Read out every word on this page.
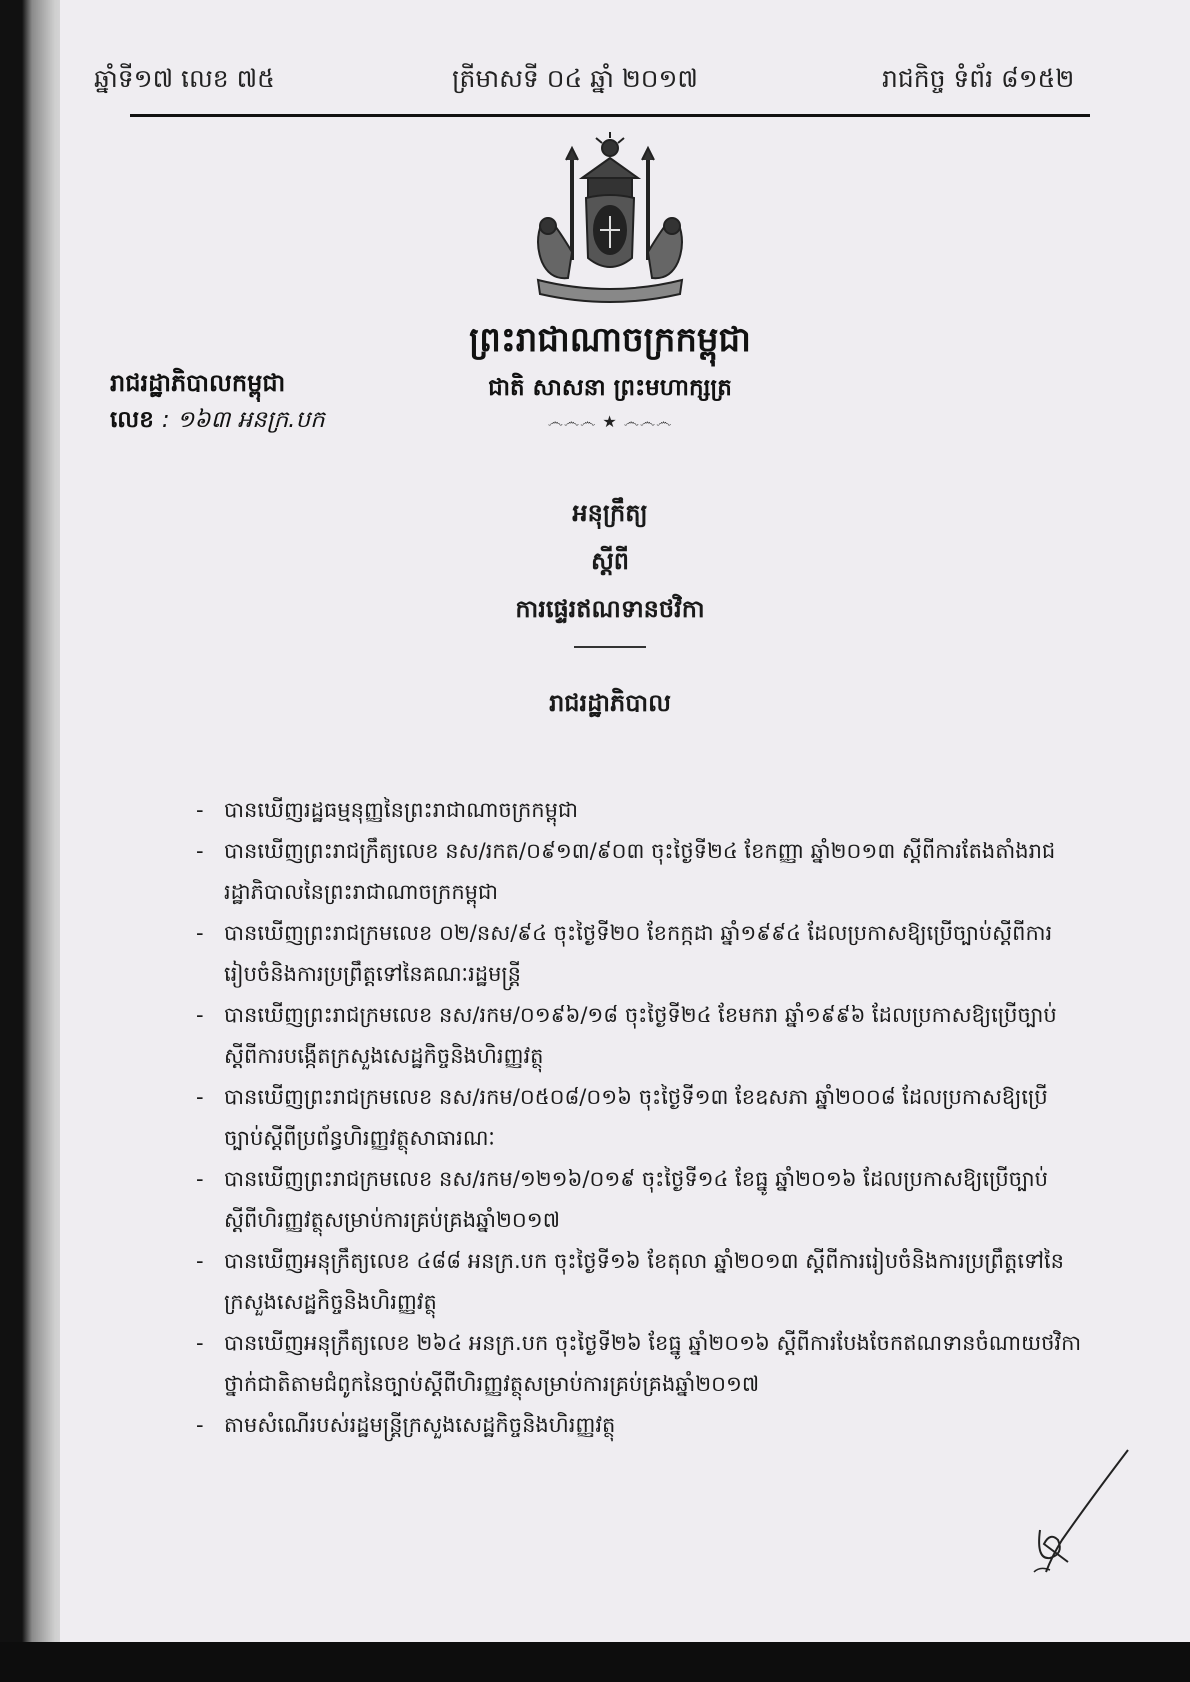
ឆ្នាំទី១៧ លេខ ៧៥	ត្រីមាសទី ០៤ ឆ្នាំ ២០១៧	រាជកិច្ច ទំព័រ ៨១៥២
ព្រះរាជាណាចក្រកម្ពុជា
ជាតិ សាសនា ព្រះមហាក្សត្រ
෴෴෴ ★ ෴෴෴
រាជរដ្ឋាភិបាលកម្ពុជា
លេខ : ១៦៣ អនក្រ.បក
អនុក្រឹត្យ
ស្តីពី
ការផ្ទេរឥណទានថវិកា
រាជរដ្ឋាភិបាល
- បានឃើញរដ្ឋធម្មនុញ្ញនៃព្រះរាជាណាចក្រកម្ពុជា
- បានឃើញព្រះរាជក្រឹត្យលេខ នស/រកត/០៩១៣/៩០៣ ចុះថ្ងៃទី២៤ ខែកញ្ញា ឆ្នាំ២០១៣ ស្តីពីការតែងតាំងរាជរដ្ឋាភិបាលនៃព្រះរាជាណាចក្រកម្ពុជា
- បានឃើញព្រះរាជក្រមលេខ ០២/នស/៩៤ ចុះថ្ងៃទី២០ ខែកក្កដា ឆ្នាំ១៩៩៤ ដែលប្រកាសឱ្យប្រើច្បាប់ស្តីពីការរៀបចំនិងការប្រព្រឹត្តទៅនៃគណៈរដ្ឋមន្ត្រី
- បានឃើញព្រះរាជក្រមលេខ នស/រកម/០១៩៦/១៨ ចុះថ្ងៃទី២៤ ខែមករា ឆ្នាំ១៩៩៦ ដែលប្រកាសឱ្យប្រើច្បាប់ស្តីពីការបង្កើតក្រសួងសេដ្ឋកិច្ចនិងហិរញ្ញវត្ថុ
- បានឃើញព្រះរាជក្រមលេខ នស/រកម/០៥០៨/០១៦ ចុះថ្ងៃទី១៣ ខែឧសភា ឆ្នាំ២០០៨ ដែលប្រកាសឱ្យប្រើច្បាប់ស្តីពីប្រព័ន្ធហិរញ្ញវត្ថុសាធារណៈ
- បានឃើញព្រះរាជក្រមលេខ នស/រកម/១២១៦/០១៩ ចុះថ្ងៃទី១៤ ខែធ្នូ ឆ្នាំ២០១៦ ដែលប្រកាសឱ្យប្រើច្បាប់ស្តីពីហិរញ្ញវត្ថុសម្រាប់ការគ្រប់គ្រងឆ្នាំ២០១៧
- បានឃើញអនុក្រឹត្យលេខ ៤៨៨ អនក្រ.បក ចុះថ្ងៃទី១៦ ខែតុលា ឆ្នាំ២០១៣ ស្តីពីការរៀបចំនិងការប្រព្រឹត្តទៅនៃក្រសួងសេដ្ឋកិច្ចនិងហិរញ្ញវត្ថុ
- បានឃើញអនុក្រឹត្យលេខ ២៦៤ អនក្រ.បក ចុះថ្ងៃទី២៦ ខែធ្នូ ឆ្នាំ២០១៦ ស្តីពីការបែងចែកឥណទានចំណាយថវិកាថ្នាក់ជាតិតាមជំពូកនៃច្បាប់ស្តីពីហិរញ្ញវត្ថុសម្រាប់ការគ្រប់គ្រងឆ្នាំ២០១៧
- តាមសំណើរបស់រដ្ឋមន្ត្រីក្រសួងសេដ្ឋកិច្ចនិងហិរញ្ញវត្ថុ
